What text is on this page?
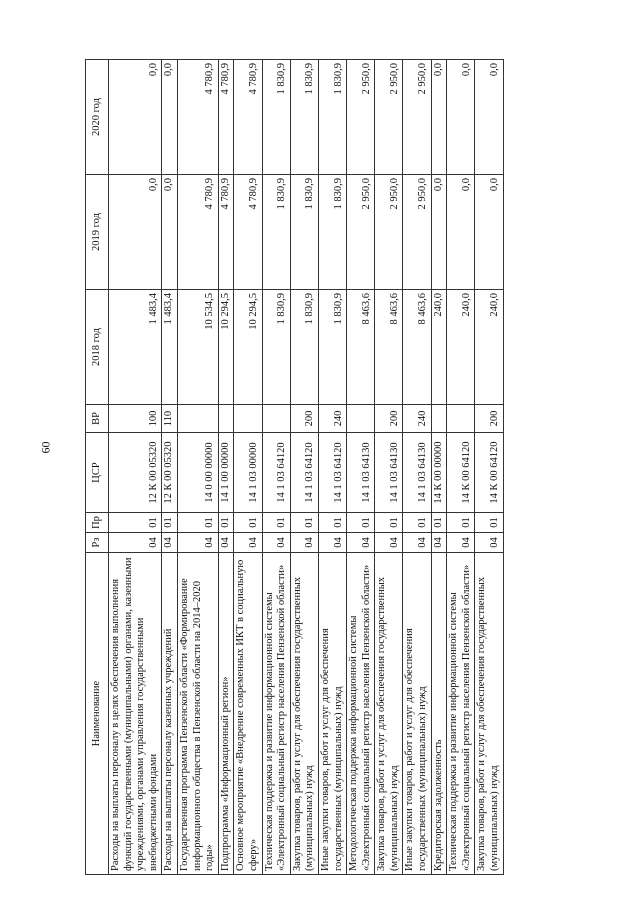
60
Наименование	Рз	Пр	ЦСР	ВР	2018 год	2019 год	2020 год
Расходы на выплаты персоналу в целях обеспечения выполнения функций государственными (муниципальными) органами, казенными учреждениями, органами управления государственными внебюджетными фондами	04	01	12 К 00 05320	100	1 483,4	0,0	0,0
Расходы на выплаты персоналу казенных учреждений	04	01	12 К 00 05320	110	1 483,4	0,0	0,0
Государственная программа Пензенской области «Формирование информационного общества в Пензенской области на 2014–2020 годы»	04	01	14 0 00 00000		10 534,5	4 780,9	4 780,9
Подпрограмма «Информационный регион»	04	01	14 1 00 00000		10 294,5	4 780,9	4 780,9
Основное мероприятие «Внедрение современных ИКТ в социальную сферу»	04	01	14 1 03 00000		10 294,5	4 780,9	4 780,9
Техническая поддержка и развитие информационной системы «Электронный социальный регистр населения Пензенской области»	04	01	14 1 03 64120		1 830,9	1 830,9	1 830,9
Закупка товаров, работ и услуг для обеспечения государственных (муниципальных) нужд	04	01	14 1 03 64120	200	1 830,9	1 830,9	1 830,9
Иные закупки товаров, работ и услуг для обеспечения государственных (муниципальных) нужд	04	01	14 1 03 64120	240	1 830,9	1 830,9	1 830,9
Методологическая поддержка информационной системы «Электронный социальный регистр населения Пензенской области»	04	01	14 1 03 64130		8 463,6	2 950,0	2 950,0
Закупка товаров, работ и услуг для обеспечения государственных (муниципальных) нужд	04	01	14 1 03 64130	200	8 463,6	2 950,0	2 950,0
Иные закупки товаров, работ и услуг для обеспечения государственных (муниципальных) нужд	04	01	14 1 03 64130	240	8 463,6	2 950,0	2 950,0
Кредиторская задолженность	04	01	14 К 00 00000		240,0	0,0	0,0
Техническая поддержка и развитие информационной системы «Электронный социальный регистр населения Пензенской области»	04	01	14 К 00 64120		240,0	0,0	0,0
Закупка товаров, работ и услуг для обеспечения государственных (муниципальных) нужд	04	01	14 К 00 64120	200	240,0	0,0	0,0
